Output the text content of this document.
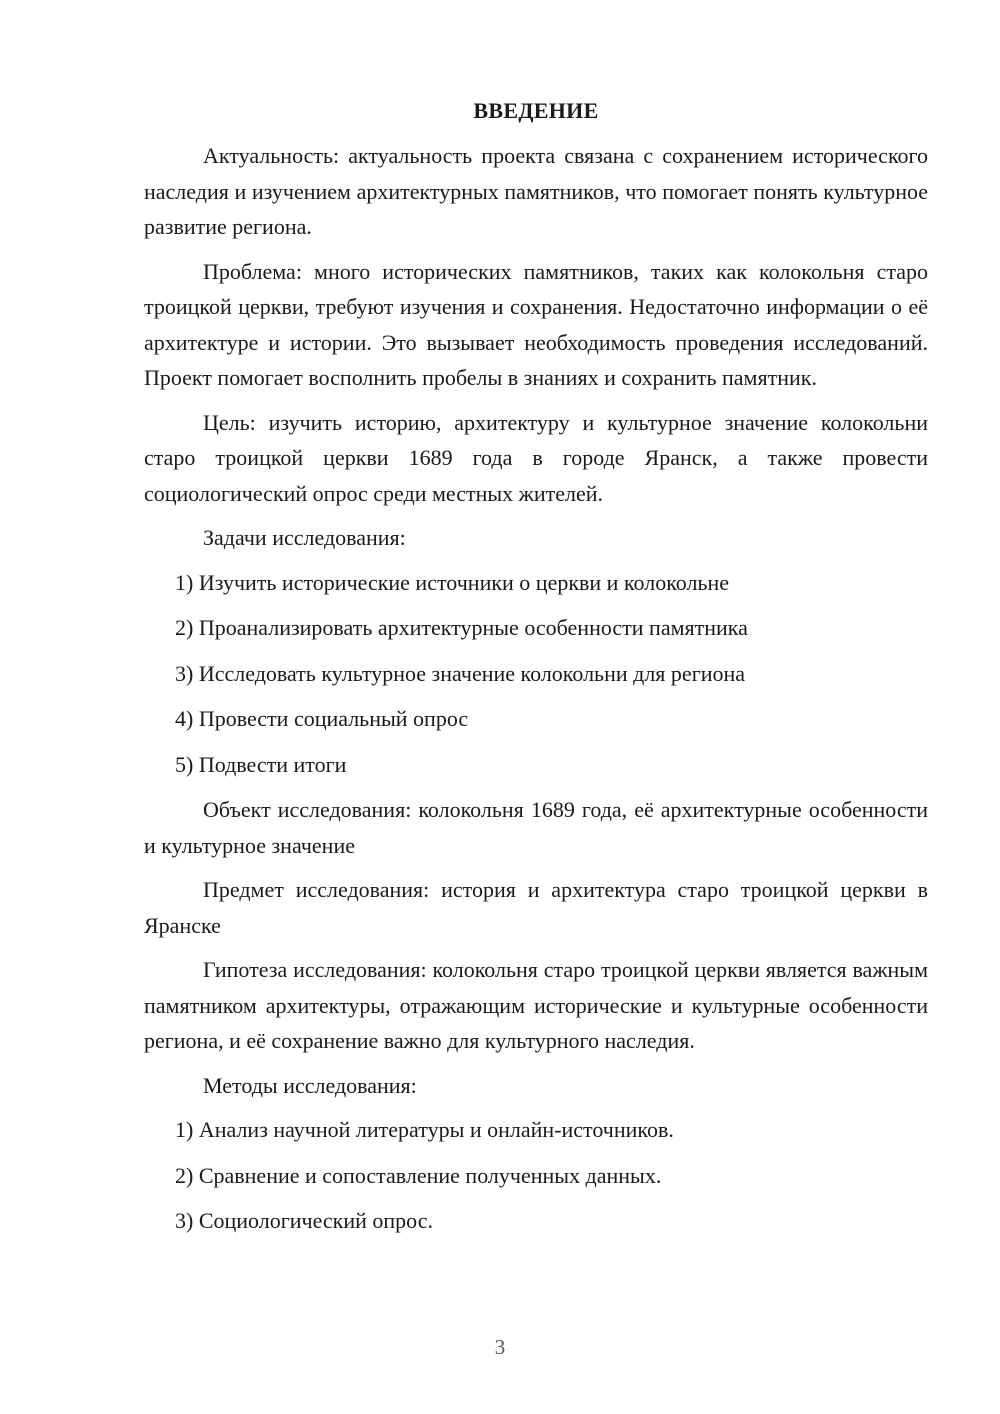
ВВЕДЕНИЕ

Актуальность: актуальность проекта связана с сохранением исторического наследия и изучением архитектурных памятников, что помогает понять культурное развитие региона.

Проблема: много исторических памятников, таких как колокольня старо троицкой церкви, требуют изучения и сохранения. Недостаточно информации о её архитектуре и истории. Это вызывает необходимость проведения исследований. Проект помогает восполнить пробелы в знаниях и сохранить памятник.

Цель: изучить историю, архитектуру и культурное значение колокольни старо троицкой церкви 1689 года в городе Яранск, а также провести социологический опрос среди местных жителей.

Задачи исследования:

1) Изучить исторические источники о церкви и колокольне
2) Проанализировать архитектурные особенности памятника
3) Исследовать культурное значение колокольни для региона
4) Провести социальный опрос
5) Подвести итоги

Объект исследования: колокольня 1689 года, её архитектурные особенности и культурное значение

Предмет исследования: история и архитектура старо троицкой церкви в Яранске

Гипотеза исследования: колокольня старо троицкой церкви является важным памятником архитектуры, отражающим исторические и культурные особенности региона, и её сохранение важно для культурного наследия.

Методы исследования:

1) Анализ научной литературы и онлайн-источников.
2) Сравнение и сопоставление полученных данных.
3) Социологический опрос.
3
